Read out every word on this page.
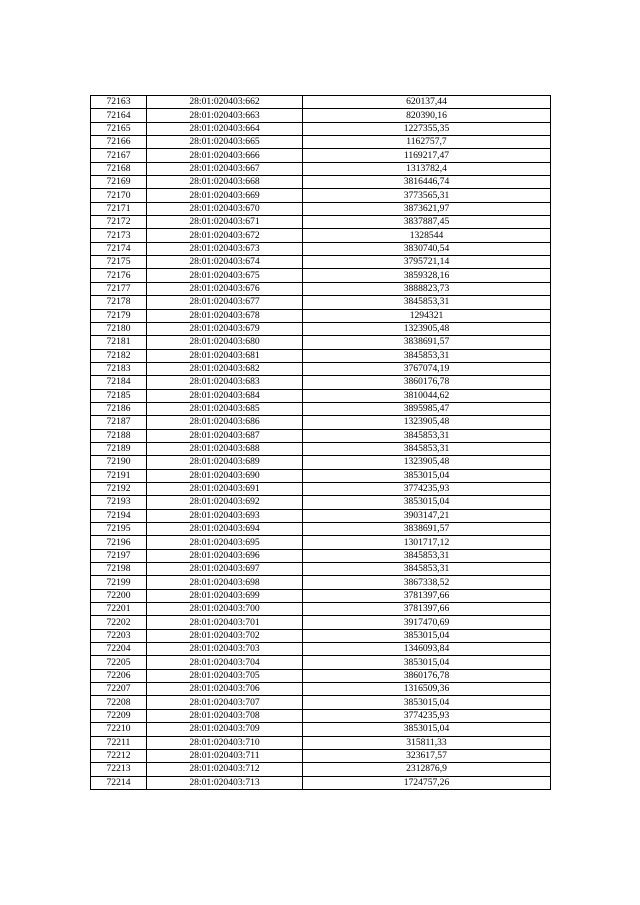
72163	28:01:020403:662	620137,44
72164	28:01:020403:663	820390,16
72165	28:01:020403:664	1227355,35
72166	28:01:020403:665	1162757,7
72167	28:01:020403:666	1169217,47
72168	28:01:020403:667	1313782,4
72169	28:01:020403:668	3816446,74
72170	28:01:020403:669	3773565,31
72171	28:01:020403:670	3873621,97
72172	28:01:020403:671	3837887,45
72173	28:01:020403:672	1328544
72174	28:01:020403:673	3830740,54
72175	28:01:020403:674	3795721,14
72176	28:01:020403:675	3859328,16
72177	28:01:020403:676	3888823,73
72178	28:01:020403:677	3845853,31
72179	28:01:020403:678	1294321
72180	28:01:020403:679	1323905,48
72181	28:01:020403:680	3838691,57
72182	28:01:020403:681	3845853,31
72183	28:01:020403:682	3767074,19
72184	28:01:020403:683	3860176,78
72185	28:01:020403:684	3810044,62
72186	28:01:020403:685	3895985,47
72187	28:01:020403:686	1323905,48
72188	28:01:020403:687	3845853,31
72189	28:01:020403:688	3845853,31
72190	28:01:020403:689	1323905,48
72191	28:01:020403:690	3853015,04
72192	28:01:020403:691	3774235,93
72193	28:01:020403:692	3853015,04
72194	28:01:020403:693	3903147,21
72195	28:01:020403:694	3838691,57
72196	28:01:020403:695	1301717,12
72197	28:01:020403:696	3845853,31
72198	28:01:020403:697	3845853,31
72199	28:01:020403:698	3867338,52
72200	28:01:020403:699	3781397,66
72201	28:01:020403:700	3781397,66
72202	28:01:020403:701	3917470,69
72203	28:01:020403:702	3853015,04
72204	28:01:020403:703	1346093,84
72205	28:01:020403:704	3853015,04
72206	28:01:020403:705	3860176,78
72207	28:01:020403:706	1316509,36
72208	28:01:020403:707	3853015,04
72209	28:01:020403:708	3774235,93
72210	28:01:020403:709	3853015,04
72211	28:01:020403:710	315811,33
72212	28:01:020403:711	323617,57
72213	28:01:020403:712	2312876,9
72214	28:01:020403:713	1724757,26
